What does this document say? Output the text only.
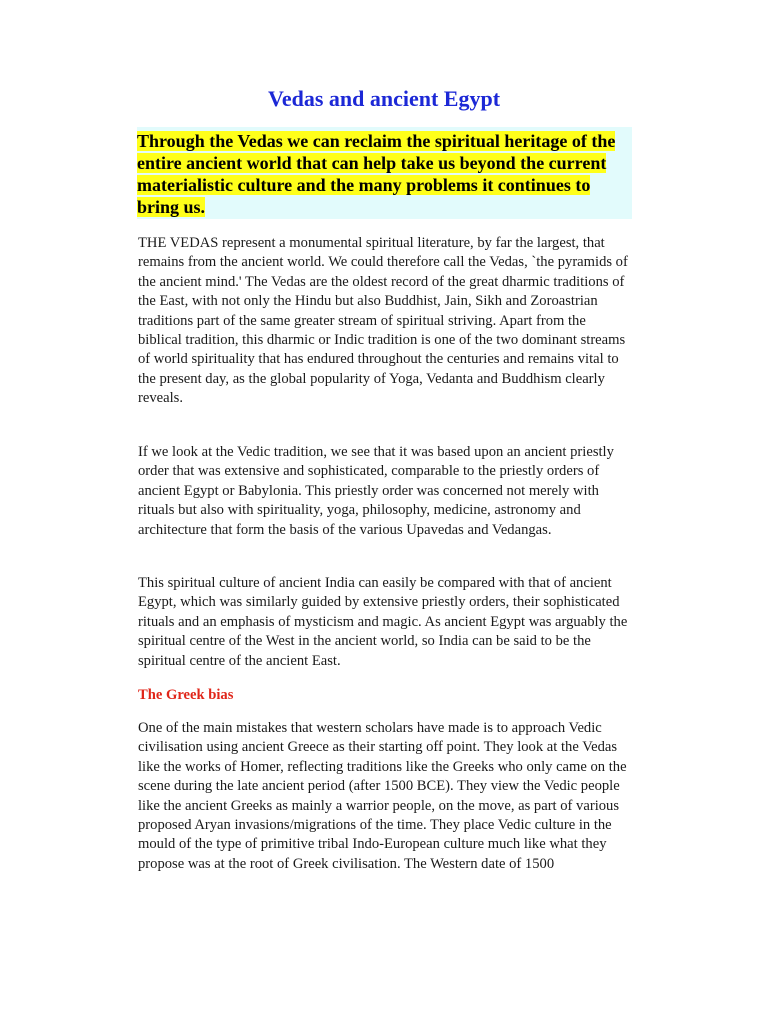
Vedas and ancient Egypt

Through the Vedas we can reclaim the spiritual heritage of the entire ancient world that can help take us beyond the current materialistic culture and the many problems it continues to bring us.

THE VEDAS represent a monumental spiritual literature, by far the largest, that remains from the ancient world. We could therefore call the Vedas, `the pyramids of the ancient mind.' The Vedas are the oldest record of the great dharmic traditions of the East, with not only the Hindu but also Buddhist, Jain, Sikh and Zoroastrian traditions part of the same greater stream of spiritual striving. Apart from the biblical tradition, this dharmic or Indic tradition is one of the two dominant streams of world spirituality that has endured throughout the centuries and remains vital to the present day, as the global popularity of Yoga, Vedanta and Buddhism clearly reveals.

If we look at the Vedic tradition, we see that it was based upon an ancient priestly order that was extensive and sophisticated, comparable to the priestly orders of ancient Egypt or Babylonia. This priestly order was concerned not merely with rituals but also with spirituality, yoga, philosophy, medicine, astronomy and architecture that form the basis of the various Upavedas and Vedangas.

This spiritual culture of ancient India can easily be compared with that of ancient Egypt, which was similarly guided by extensive priestly orders, their sophisticated rituals and an emphasis of mysticism and magic. As ancient Egypt was arguably the spiritual centre of the West in the ancient world, so India can be said to be the spiritual centre of the ancient East.

The Greek bias

One of the main mistakes that western scholars have made is to approach Vedic civilisation using ancient Greece as their starting off point. They look at the Vedas like the works of Homer, reflecting traditions like the Greeks who only came on the scene during the late ancient period (after 1500 BCE). They view the Vedic people like the ancient Greeks as mainly a warrior people, on the move, as part of various proposed Aryan invasions/migrations of the time. They place Vedic culture in the mould of the type of primitive tribal Indo-European culture much like what they propose was at the root of Greek civilisation. The Western date of 1500
